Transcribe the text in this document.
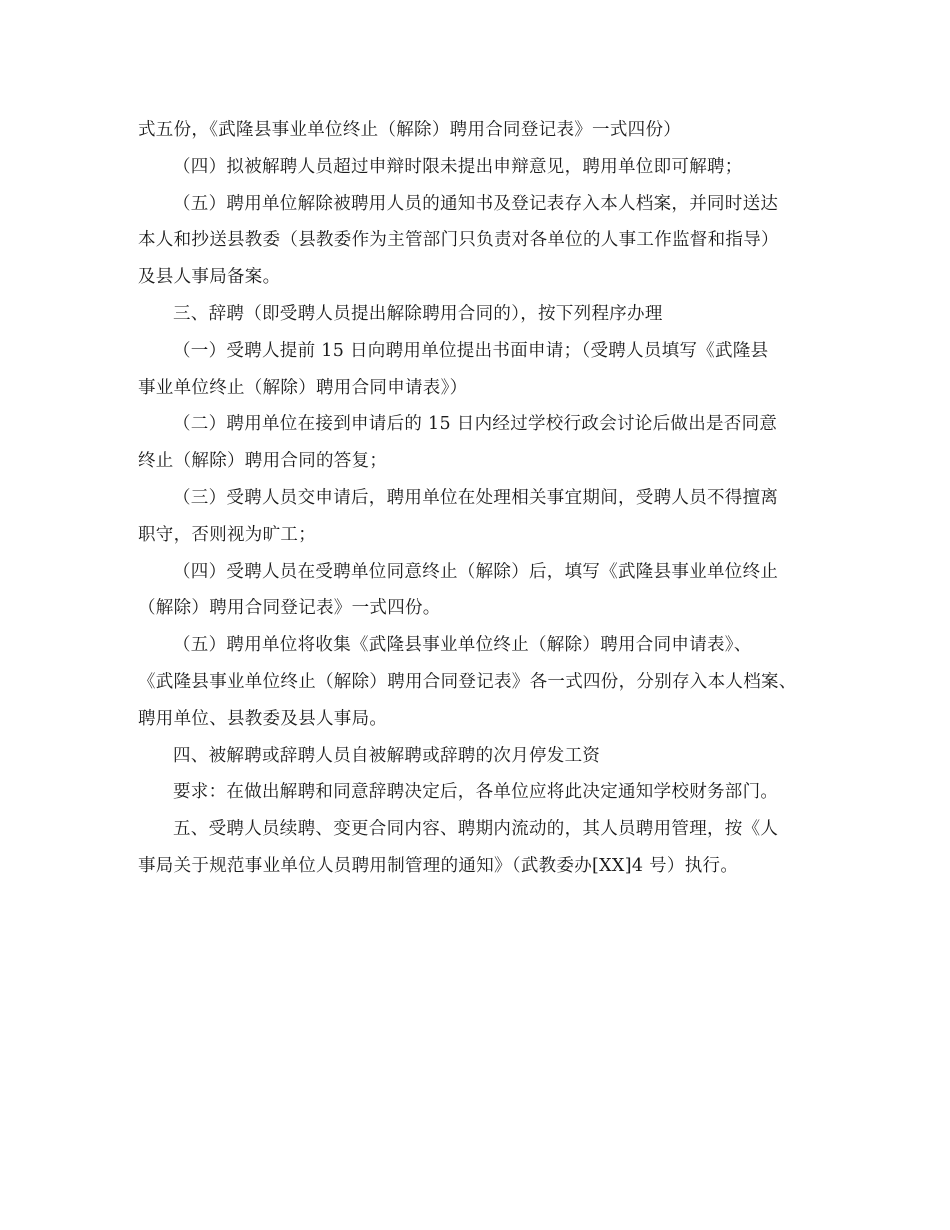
式五份，《武隆县事业单位终止（解除）聘用合同登记表》一式四份）
（四）拟被解聘人员超过申辩时限未提出申辩意见，聘用单位即可解聘；
（五）聘用单位解除被聘用人员的通知书及登记表存入本人档案，并同时送达
本人和抄送县教委（县教委作为主管部门只负责对各单位的人事工作监督和指导）
及县人事局备案。
三、辞聘（即受聘人员提出解除聘用合同的），按下列程序办理
（一）受聘人提前 15 日向聘用单位提出书面申请；（受聘人员填写《武隆县
事业单位终止（解除）聘用合同申请表》）
（二）聘用单位在接到申请后的 15 日内经过学校行政会讨论后做出是否同意
终止（解除）聘用合同的答复；
（三）受聘人员交申请后，聘用单位在处理相关事宜期间，受聘人员不得擅离
职守，否则视为旷工；
（四）受聘人员在受聘单位同意终止（解除）后，填写《武隆县事业单位终止
（解除）聘用合同登记表》一式四份。
（五）聘用单位将收集《武隆县事业单位终止（解除）聘用合同申请表》、
《武隆县事业单位终止（解除）聘用合同登记表》各一式四份，分别存入本人档案、
聘用单位、县教委及县人事局。
四、被解聘或辞聘人员自被解聘或辞聘的次月停发工资
要求：在做出解聘和同意辞聘决定后，各单位应将此决定通知学校财务部门。
五、受聘人员续聘、变更合同内容、聘期内流动的，其人员聘用管理，按《人
事局关于规范事业单位人员聘用制管理的通知》（武教委办[XX]4 号）执行。
